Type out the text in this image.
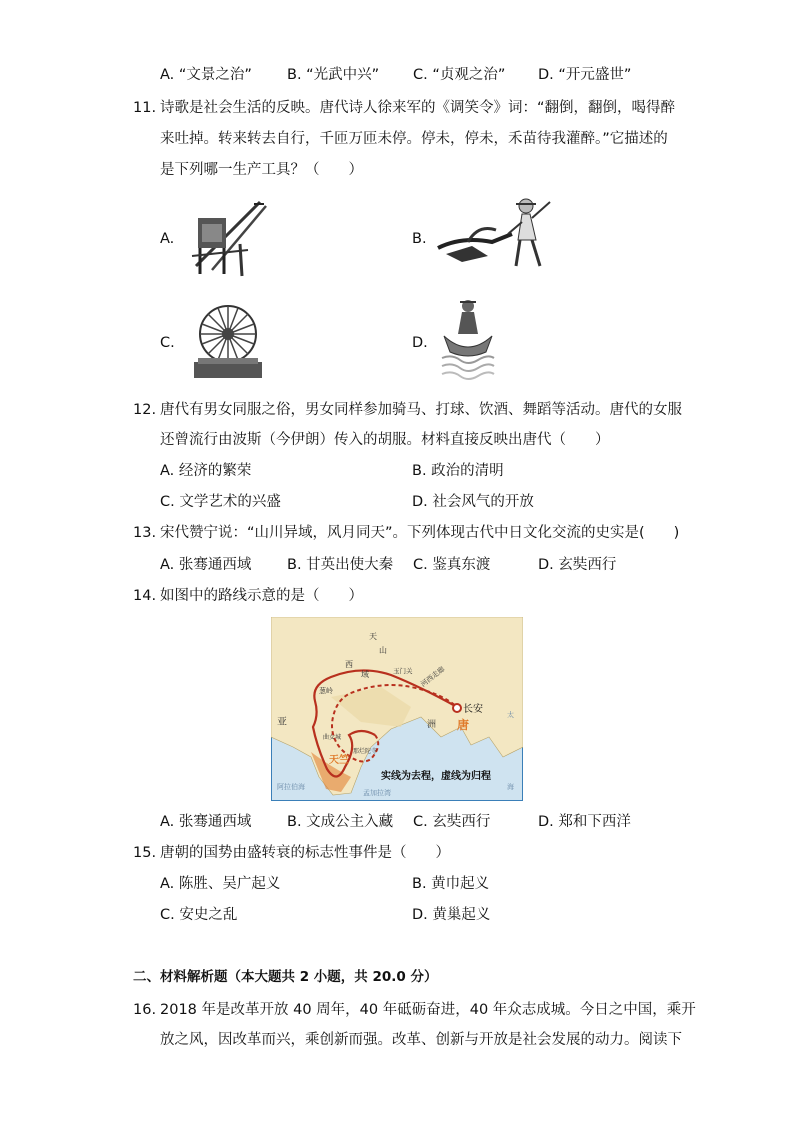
A. “文景之治” B. “光武中兴” C. “贞观之治” D. “开元盛世”
11. 诗歌是社会生活的反映。唐代诗人徐来军的《调笑令》词：“翻倒，翻倒，喝得醉
来吐掉。转来转去自行，千匝万匝未停。停未，停未，禾苗待我灌醉。”它描述的
是下列哪一生产工具？（　　）
A.	B.
C.	D.
12. 唐代有男女同服之俗，男女同样参加骑马、打球、饮酒、舞蹈等活动。唐代的女服
还曾流行由波斯（今伊朗）传入的胡服。材料直接反映出唐代（　　）
A. 经济的繁荣	B. 政治的清明
C. 文学艺术的兴盛	D. 社会风气的开放
13. 宋代赞宁说：“山川异域，风月同天”。下列体现古代中日文化交流的史实是(　　)
A. 张骞通西域 B. 甘英出使大秦 C. 鉴真东渡	D. 玄奘西行
14. 如图中的路线示意的是（　　）
天
山
西
域	玉门关 河西走廊
葱岭
长安
唐
亚	洲
曲女城
那烂陀寺
天竺
阿拉伯海
孟加拉湾
太
海
实线为去程，虚线为归程
A. 张骞通西域 B. 文成公主入藏 C. 玄奘西行	D. 郑和下西洋
15. 唐朝的国势由盛转衰的标志性事件是（　　）
A. 陈胜、吴广起义	B. 黄巾起义
C. 安史之乱	D. 黄巢起义
二、材料解析题（本大题共 2 小题，共 20.0 分）
16. 2018 年是改革开放 40 周年，40 年砥砺奋进，40 年众志成城。今日之中国，乘开
放之风，因改革而兴，乘创新而强。改革、创新与开放是社会发展的动力。阅读下
